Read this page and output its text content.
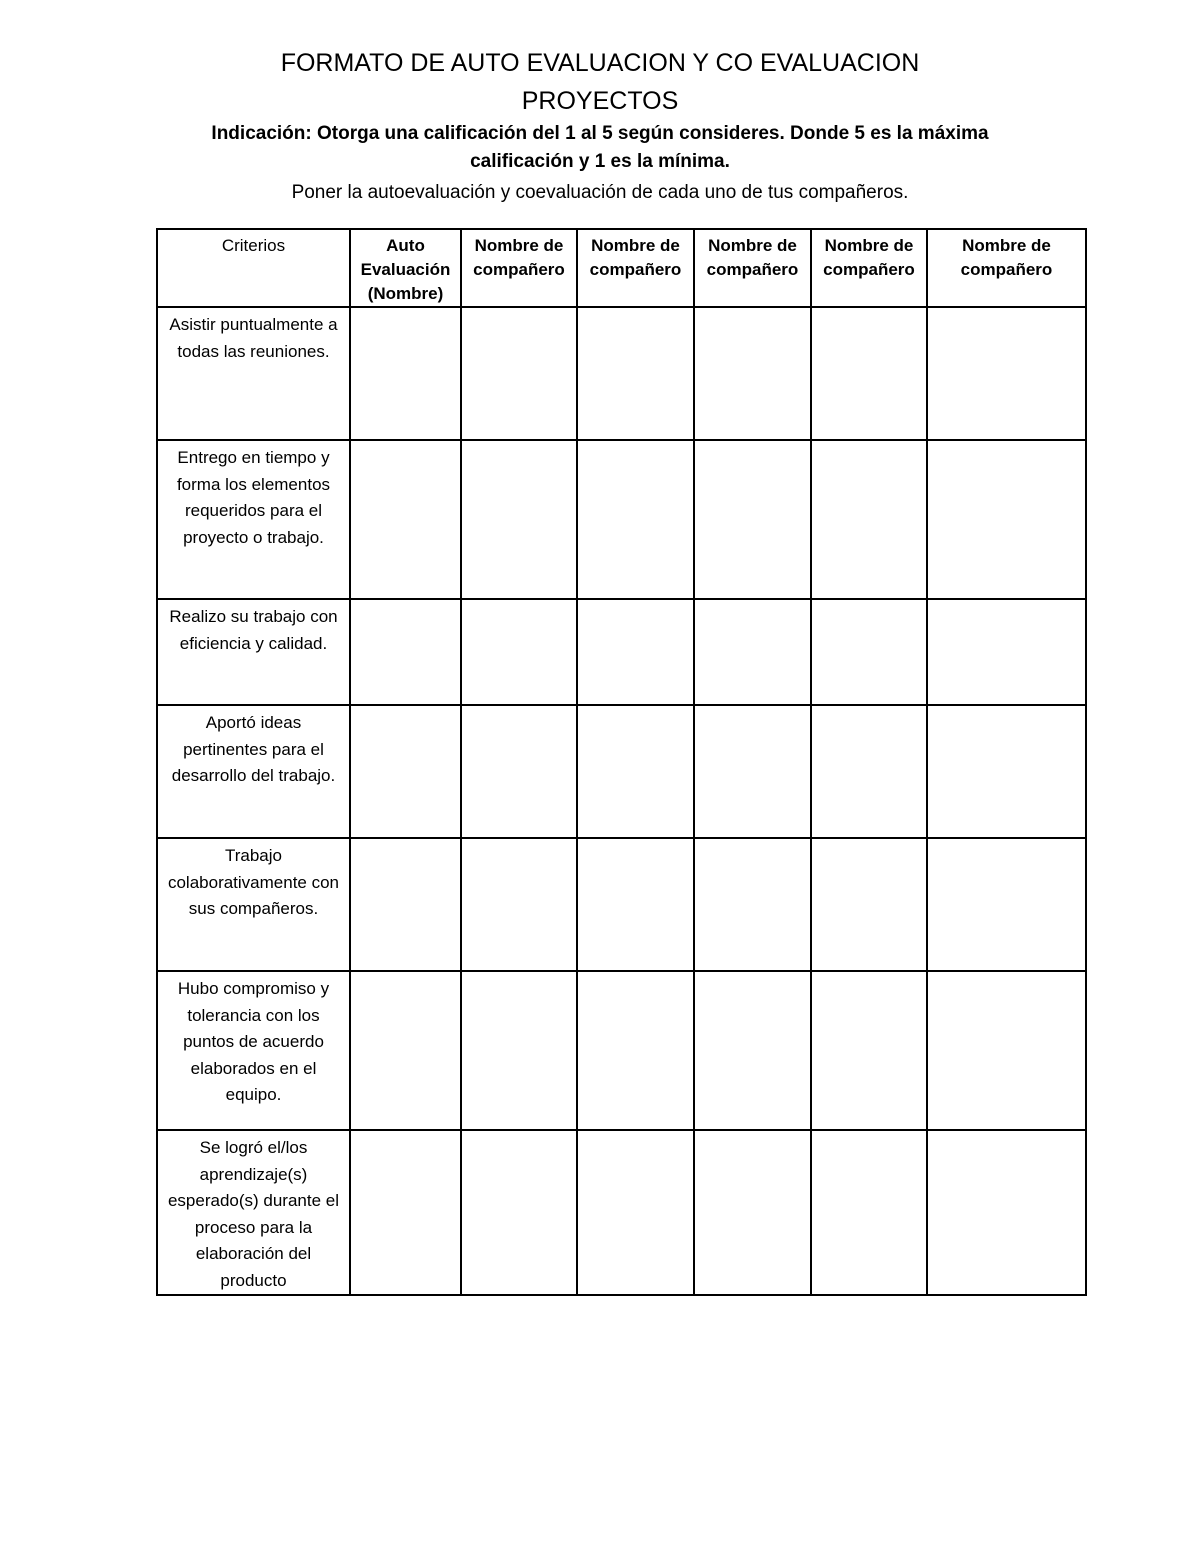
FORMATO DE AUTO EVALUACION Y CO EVALUACION
PROYECTOS
Indicación: Otorga una calificación del 1 al 5 según consideres. Donde 5 es la máxima
calificación y 1 es la mínima.
Poner la autoevaluación y coevaluación de cada uno de tus compañeros.
Criterios	Auto Evaluación (Nombre)	Nombre de compañero	Nombre de compañero	Nombre de compañero	Nombre de compañero	Nombre de compañero
Asistir puntualmente a todas las reuniones.						
Entrego en tiempo y forma los elementos requeridos para el proyecto o trabajo.						
Realizo su trabajo con eficiencia y calidad.						
Aportó ideas pertinentes para el desarrollo del trabajo.						
Trabajo colaborativamente con sus compañeros.						
Hubo compromiso y tolerancia con los puntos de acuerdo elaborados en el equipo.						
Se logró el/los aprendizaje(s) esperado(s) durante el proceso para la elaboración del producto						
